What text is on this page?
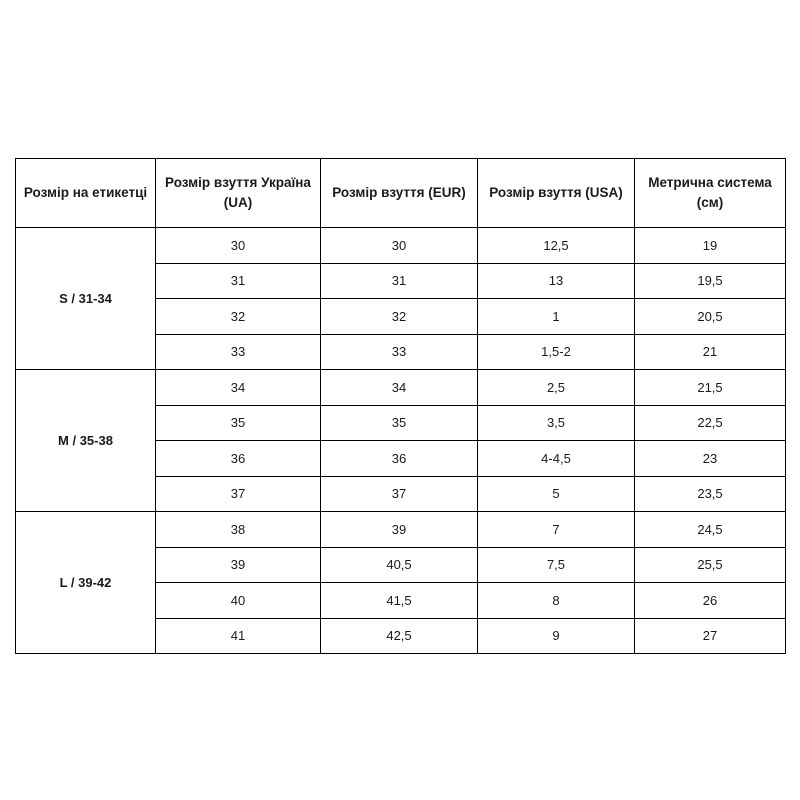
Розмір на етикетці	Розмір взуття Україна (UA)	Розмір взуття (EUR)	Розмір взуття (USA)	Метрична система (см)
S / 31-34	30	30	12,5	19
	31	31	13	19,5
	32	32	1	20,5
	33	33	1,5-2	21
M / 35-38	34	34	2,5	21,5
	35	35	3,5	22,5
	36	36	4-4,5	23
	37	37	5	23,5
L / 39-42	38	39	7	24,5
	39	40,5	7,5	25,5
	40	41,5	8	26
	41	42,5	9	27
